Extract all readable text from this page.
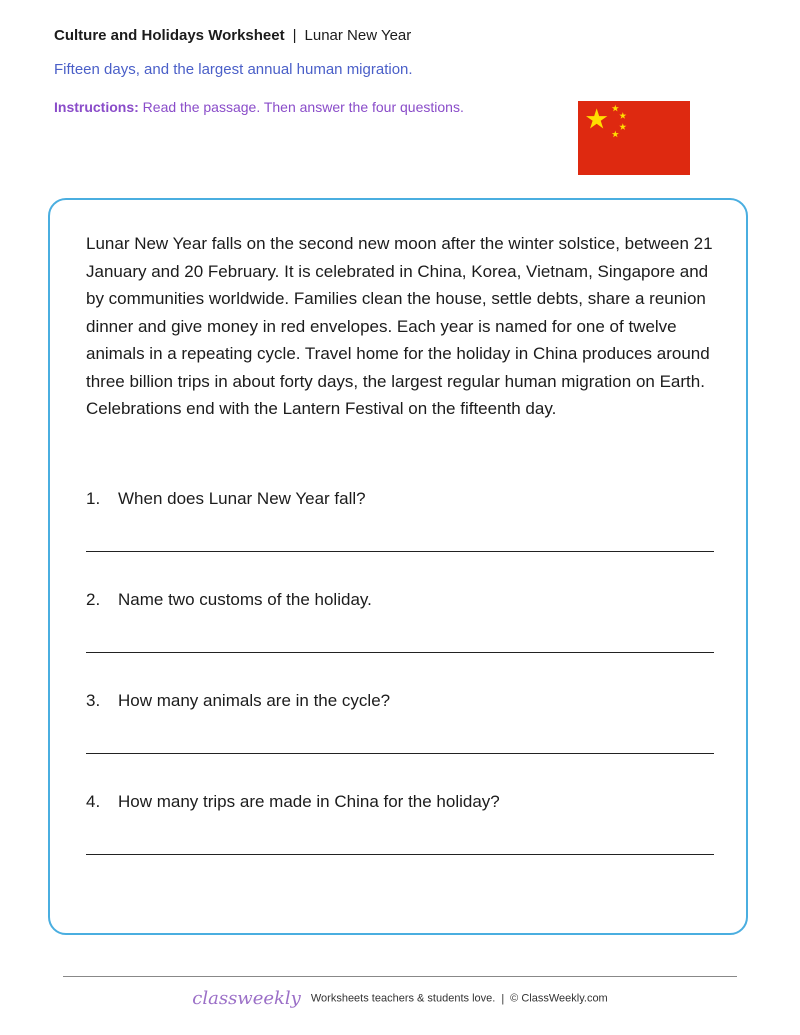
Culture and Holidays Worksheet | Lunar New Year
Fifteen days, and the largest annual human migration.
Instructions: Read the passage. Then answer the four questions.

Lunar New Year falls on the second new moon after the winter solstice, between 21 January and 20 February. It is celebrated in China, Korea, Vietnam, Singapore and by communities worldwide. Families clean the house, settle debts, share a reunion dinner and give money in red envelopes. Each year is named for one of twelve animals in a repeating cycle. Travel home for the holiday in China produces around three billion trips in about forty days, the largest regular human migration on Earth. Celebrations end with the Lantern Festival on the fifteenth day.

1. When does Lunar New Year fall?
2. Name two customs of the holiday.
3. How many animals are in the cycle?
4. How many trips are made in China for the holiday?
classweekly Worksheets teachers & students love. | © ClassWeekly.com
